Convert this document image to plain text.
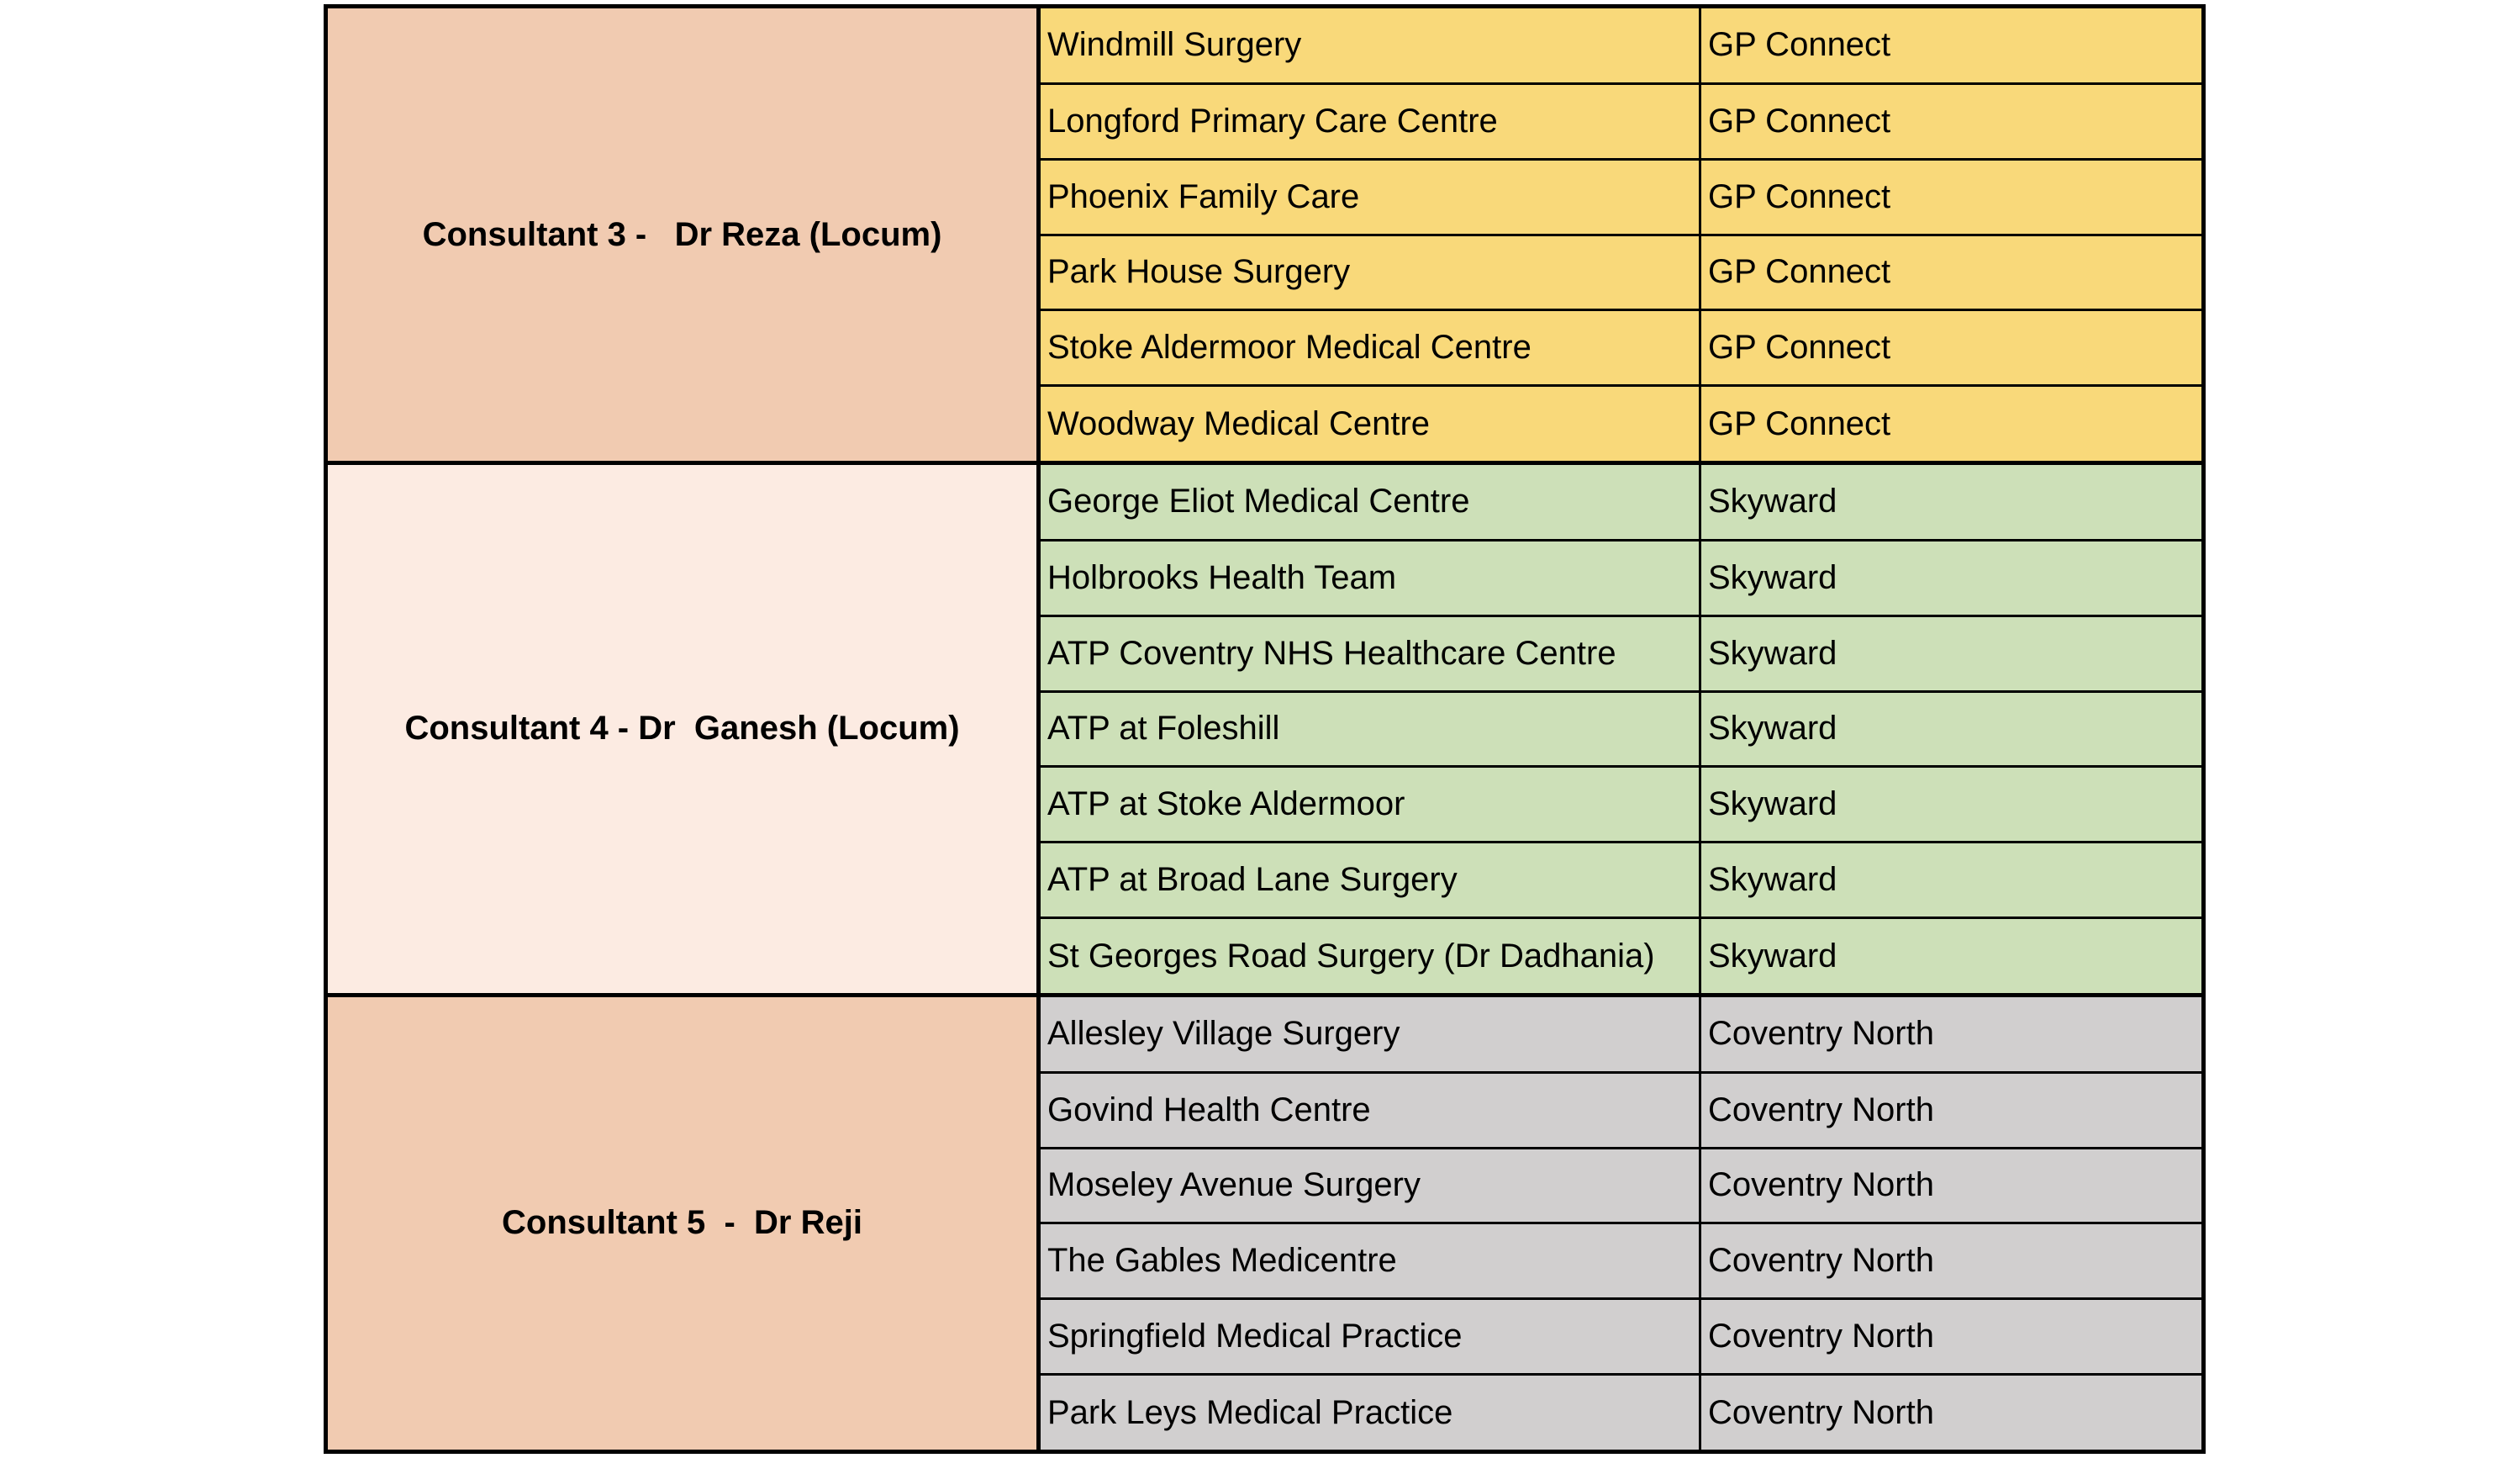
Consultant 3 -   Dr Reza (Locum)	Windmill Surgery	GP Connect
	Longford Primary Care Centre	GP Connect
	Phoenix Family Care	GP Connect
	Park House Surgery	GP Connect
	Stoke Aldermoor Medical Centre	GP Connect
	Woodway Medical Centre	GP Connect
Consultant 4 - Dr  Ganesh (Locum)	George Eliot Medical Centre	Skyward
	Holbrooks Health Team	Skyward
	ATP Coventry NHS Healthcare Centre	Skyward
	ATP at Foleshill	Skyward
	ATP at Stoke Aldermoor	Skyward
	ATP at Broad Lane Surgery	Skyward
	St Georges Road Surgery (Dr Dadhania)	Skyward
Consultant 5  -  Dr Reji	Allesley Village Surgery	Coventry North
	Govind Health Centre	Coventry North
	Moseley Avenue Surgery	Coventry North
	The Gables Medicentre	Coventry North
	Springfield Medical Practice	Coventry North
	Park Leys Medical Practice	Coventry North
